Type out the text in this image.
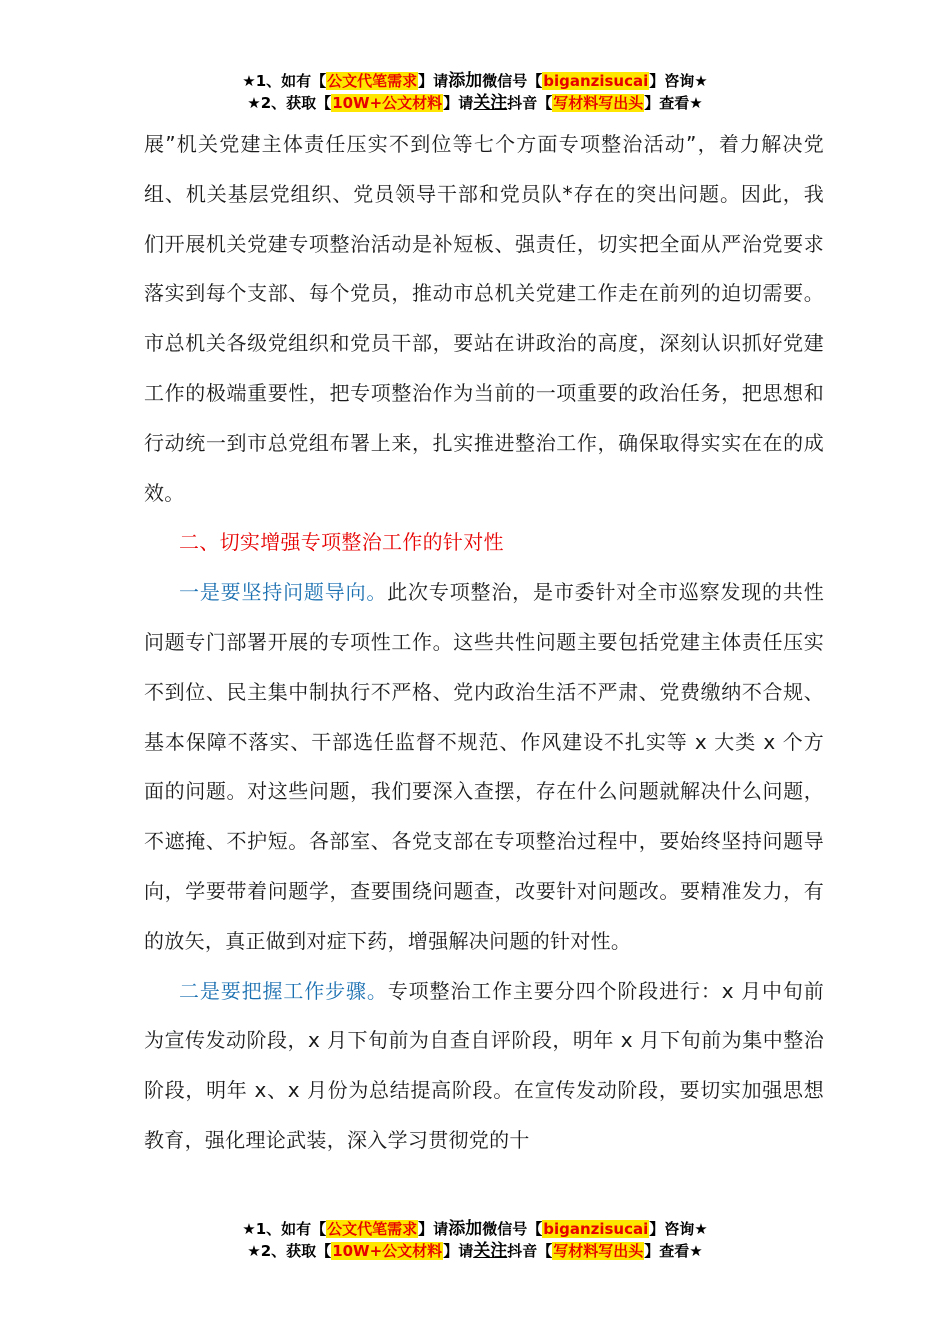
★1、如有【公文代笔需求】请添加微信号【biganzisucai】咨询★
★2、获取【10W+公文材料】请关注抖音【写材料写出头】查看★

展”机关党建主体责任压实不到位等七个方面专项整治活动”，着力解决党组、机关基层党组织、党员领导干部和党员队*存在的突出问题。因此，我们开展机关党建专项整治活动是补短板、强责任，切实把全面从严治党要求落实到每个支部、每个党员，推动市总机关党建工作走在前列的迫切需要。市总机关各级党组织和党员干部，要站在讲政治的高度，深刻认识抓好党建工作的极端重要性，把专项整治作为当前的一项重要的政治任务，把思想和行动统一到市总党组布署上来，扎实推进整治工作，确保取得实实在在的成效。

二、切实增强专项整治工作的针对性

一是要坚持问题导向。此次专项整治，是市委针对全市巡察发现的共性问题专门部署开展的专项性工作。这些共性问题主要包括党建主体责任压实不到位、民主集中制执行不严格、党内政治生活不严肃、党费缴纳不合规、基本保障不落实、干部选任监督不规范、作风建设不扎实等 x 大类 x 个方面的问题。对这些问题，我们要深入查摆，存在什么问题就解决什么问题，不遮掩、不护短。各部室、各党支部在专项整治过程中，要始终坚持问题导向，学要带着问题学，查要围绕问题查，改要针对问题改。要精准发力，有的放矢，真正做到对症下药，增强解决问题的针对性。

二是要把握工作步骤。专项整治工作主要分四个阶段进行：x 月中旬前为宣传发动阶段，x 月下旬前为自查自评阶段，明年 x 月下旬前为集中整治阶段，明年 x、x 月份为总结提高阶段。在宣传发动阶段，要切实加强思想教育，强化理论武装，深入学习贯彻党的十

★1、如有【公文代笔需求】请添加微信号【biganzisucai】咨询★
★2、获取【10W+公文材料】请关注抖音【写材料写出头】查看★
